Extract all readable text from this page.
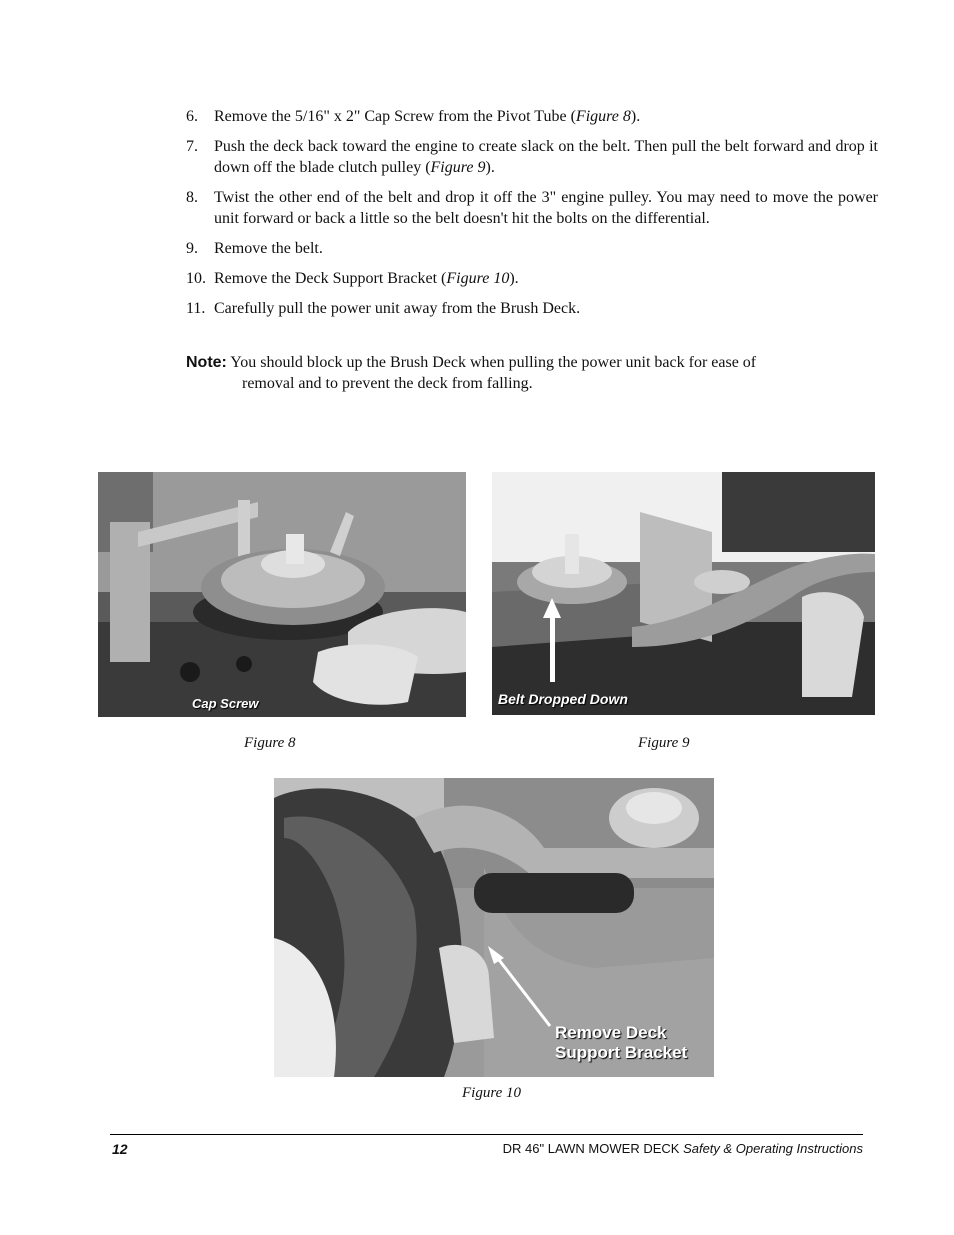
6. Remove the 5/16" x 2" Cap Screw from the Pivot Tube (Figure 8).
7. Push the deck back toward the engine to create slack on the belt. Then pull the belt forward and drop it down off the blade clutch pulley (Figure 9).
8. Twist the other end of the belt and drop it off the 3" engine pulley. You may need to move the power unit forward or back a little so the belt doesn't hit the bolts on the differential.
9. Remove the belt.
10. Remove the Deck Support Bracket (Figure 10).
11. Carefully pull the power unit away from the Brush Deck.
Note: You should block up the Brush Deck when pulling the power unit back for ease of
removal and to prevent the deck from falling.
Cap Screw
Figure 8
Belt Dropped Down
Figure 9
Remove Deck
Support Bracket
Figure 10
12	DR 46" LAWN MOWER DECK Safety & Operating Instructions
